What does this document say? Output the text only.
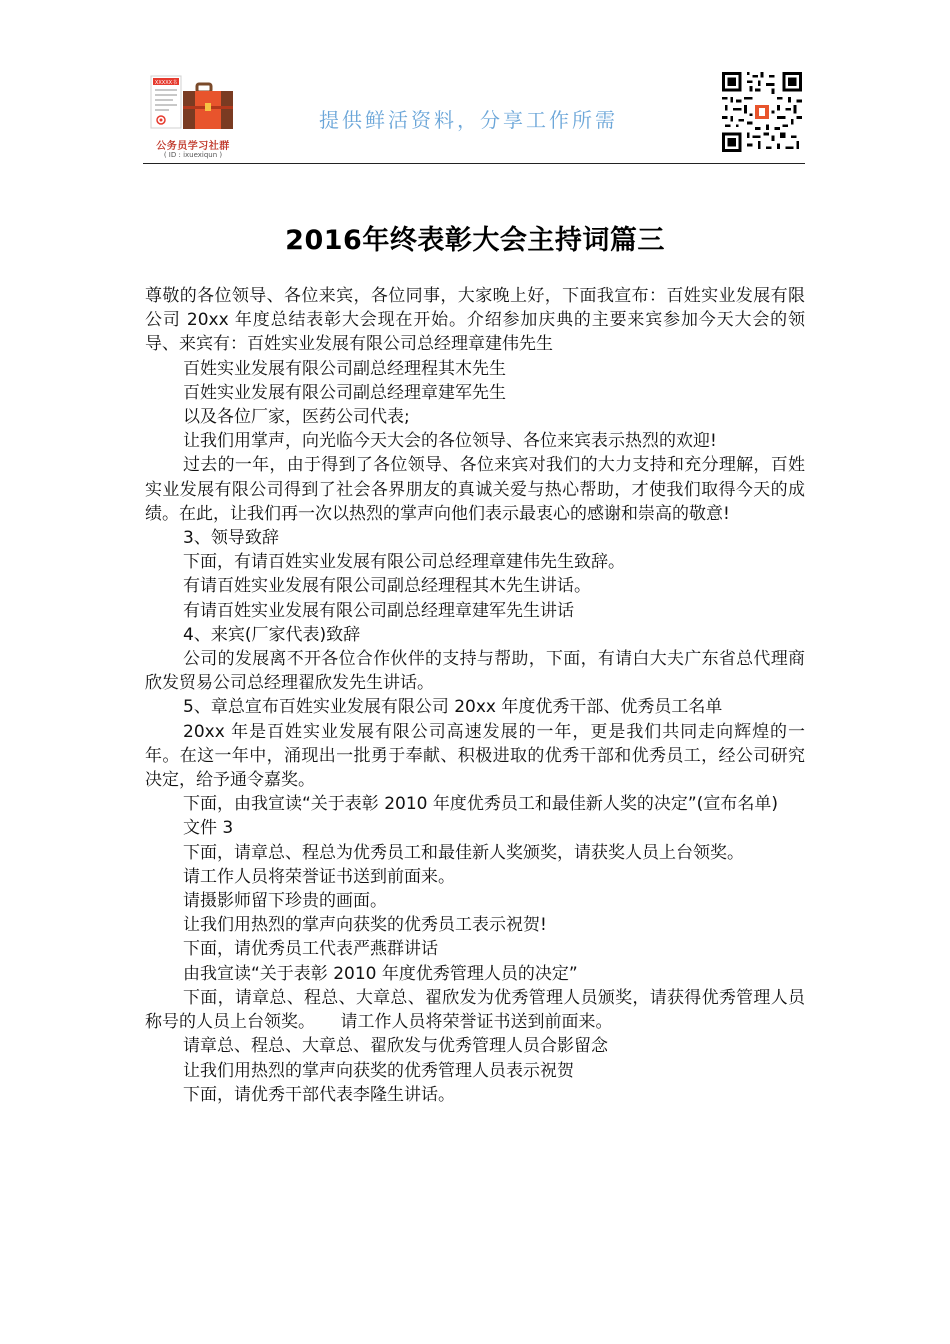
XXXXX书
公务员学习社群
( ID : ixuexiqun )
提供鲜活资料，分享工作所需
2016年终表彰大会主持词篇三

尊敬的各位领导、各位来宾，各位同事，大家晚上好，下面我宣布：百姓实业发展有限公司 20xx 年度总结表彰大会现在开始。介绍参加庆典的主要来宾参加今天大会的领导、来宾有：百姓实业发展有限公司总经理章建伟先生

百姓实业发展有限公司副总经理程其木先生

百姓实业发展有限公司副总经理章建军先生

以及各位厂家，医药公司代表;

让我们用掌声，向光临今天大会的各位领导、各位来宾表示热烈的欢迎!

过去的一年，由于得到了各位领导、各位来宾对我们的大力支持和充分理解，百姓实业发展有限公司得到了社会各界朋友的真诚关爱与热心帮助，才使我们取得今天的成绩。在此，让我们再一次以热烈的掌声向他们表示最衷心的感谢和崇高的敬意!

3、领导致辞

下面，有请百姓实业发展有限公司总经理章建伟先生致辞。

有请百姓实业发展有限公司副总经理程其木先生讲话。

有请百姓实业发展有限公司副总经理章建军先生讲话

4、来宾(厂家代表)致辞

公司的发展离不开各位合作伙伴的支持与帮助，下面，有请白大夫广东省总代理商欣发贸易公司总经理翟欣发先生讲话。

5、章总宣布百姓实业发展有限公司 20xx 年度优秀干部、优秀员工名单

20xx 年是百姓实业发展有限公司高速发展的一年，更是我们共同走向辉煌的一年。在这一年中，涌现出一批勇于奉献、积极进取的优秀干部和优秀员工，经公司研究决定，给予通令嘉奖。

下面，由我宣读“关于表彰 2010 年度优秀员工和最佳新人奖的决定”(宣布名单)

文件 3

下面，请章总、程总为优秀员工和最佳新人奖颁奖，请获奖人员上台领奖。

请工作人员将荣誉证书送到前面来。

请摄影师留下珍贵的画面。

让我们用热烈的掌声向获奖的优秀员工表示祝贺!

下面，请优秀员工代表严燕群讲话

由我宣读“关于表彰 2010 年度优秀管理人员的决定”

下面，请章总、程总、大章总、翟欣发为优秀管理人员颁奖，请获得优秀管理人员称号的人员上台领奖。　　请工作人员将荣誉证书送到前面来。

请章总、程总、大章总、翟欣发与优秀管理人员合影留念

让我们用热烈的掌声向获奖的优秀管理人员表示祝贺

下面，请优秀干部代表李隆生讲话。
